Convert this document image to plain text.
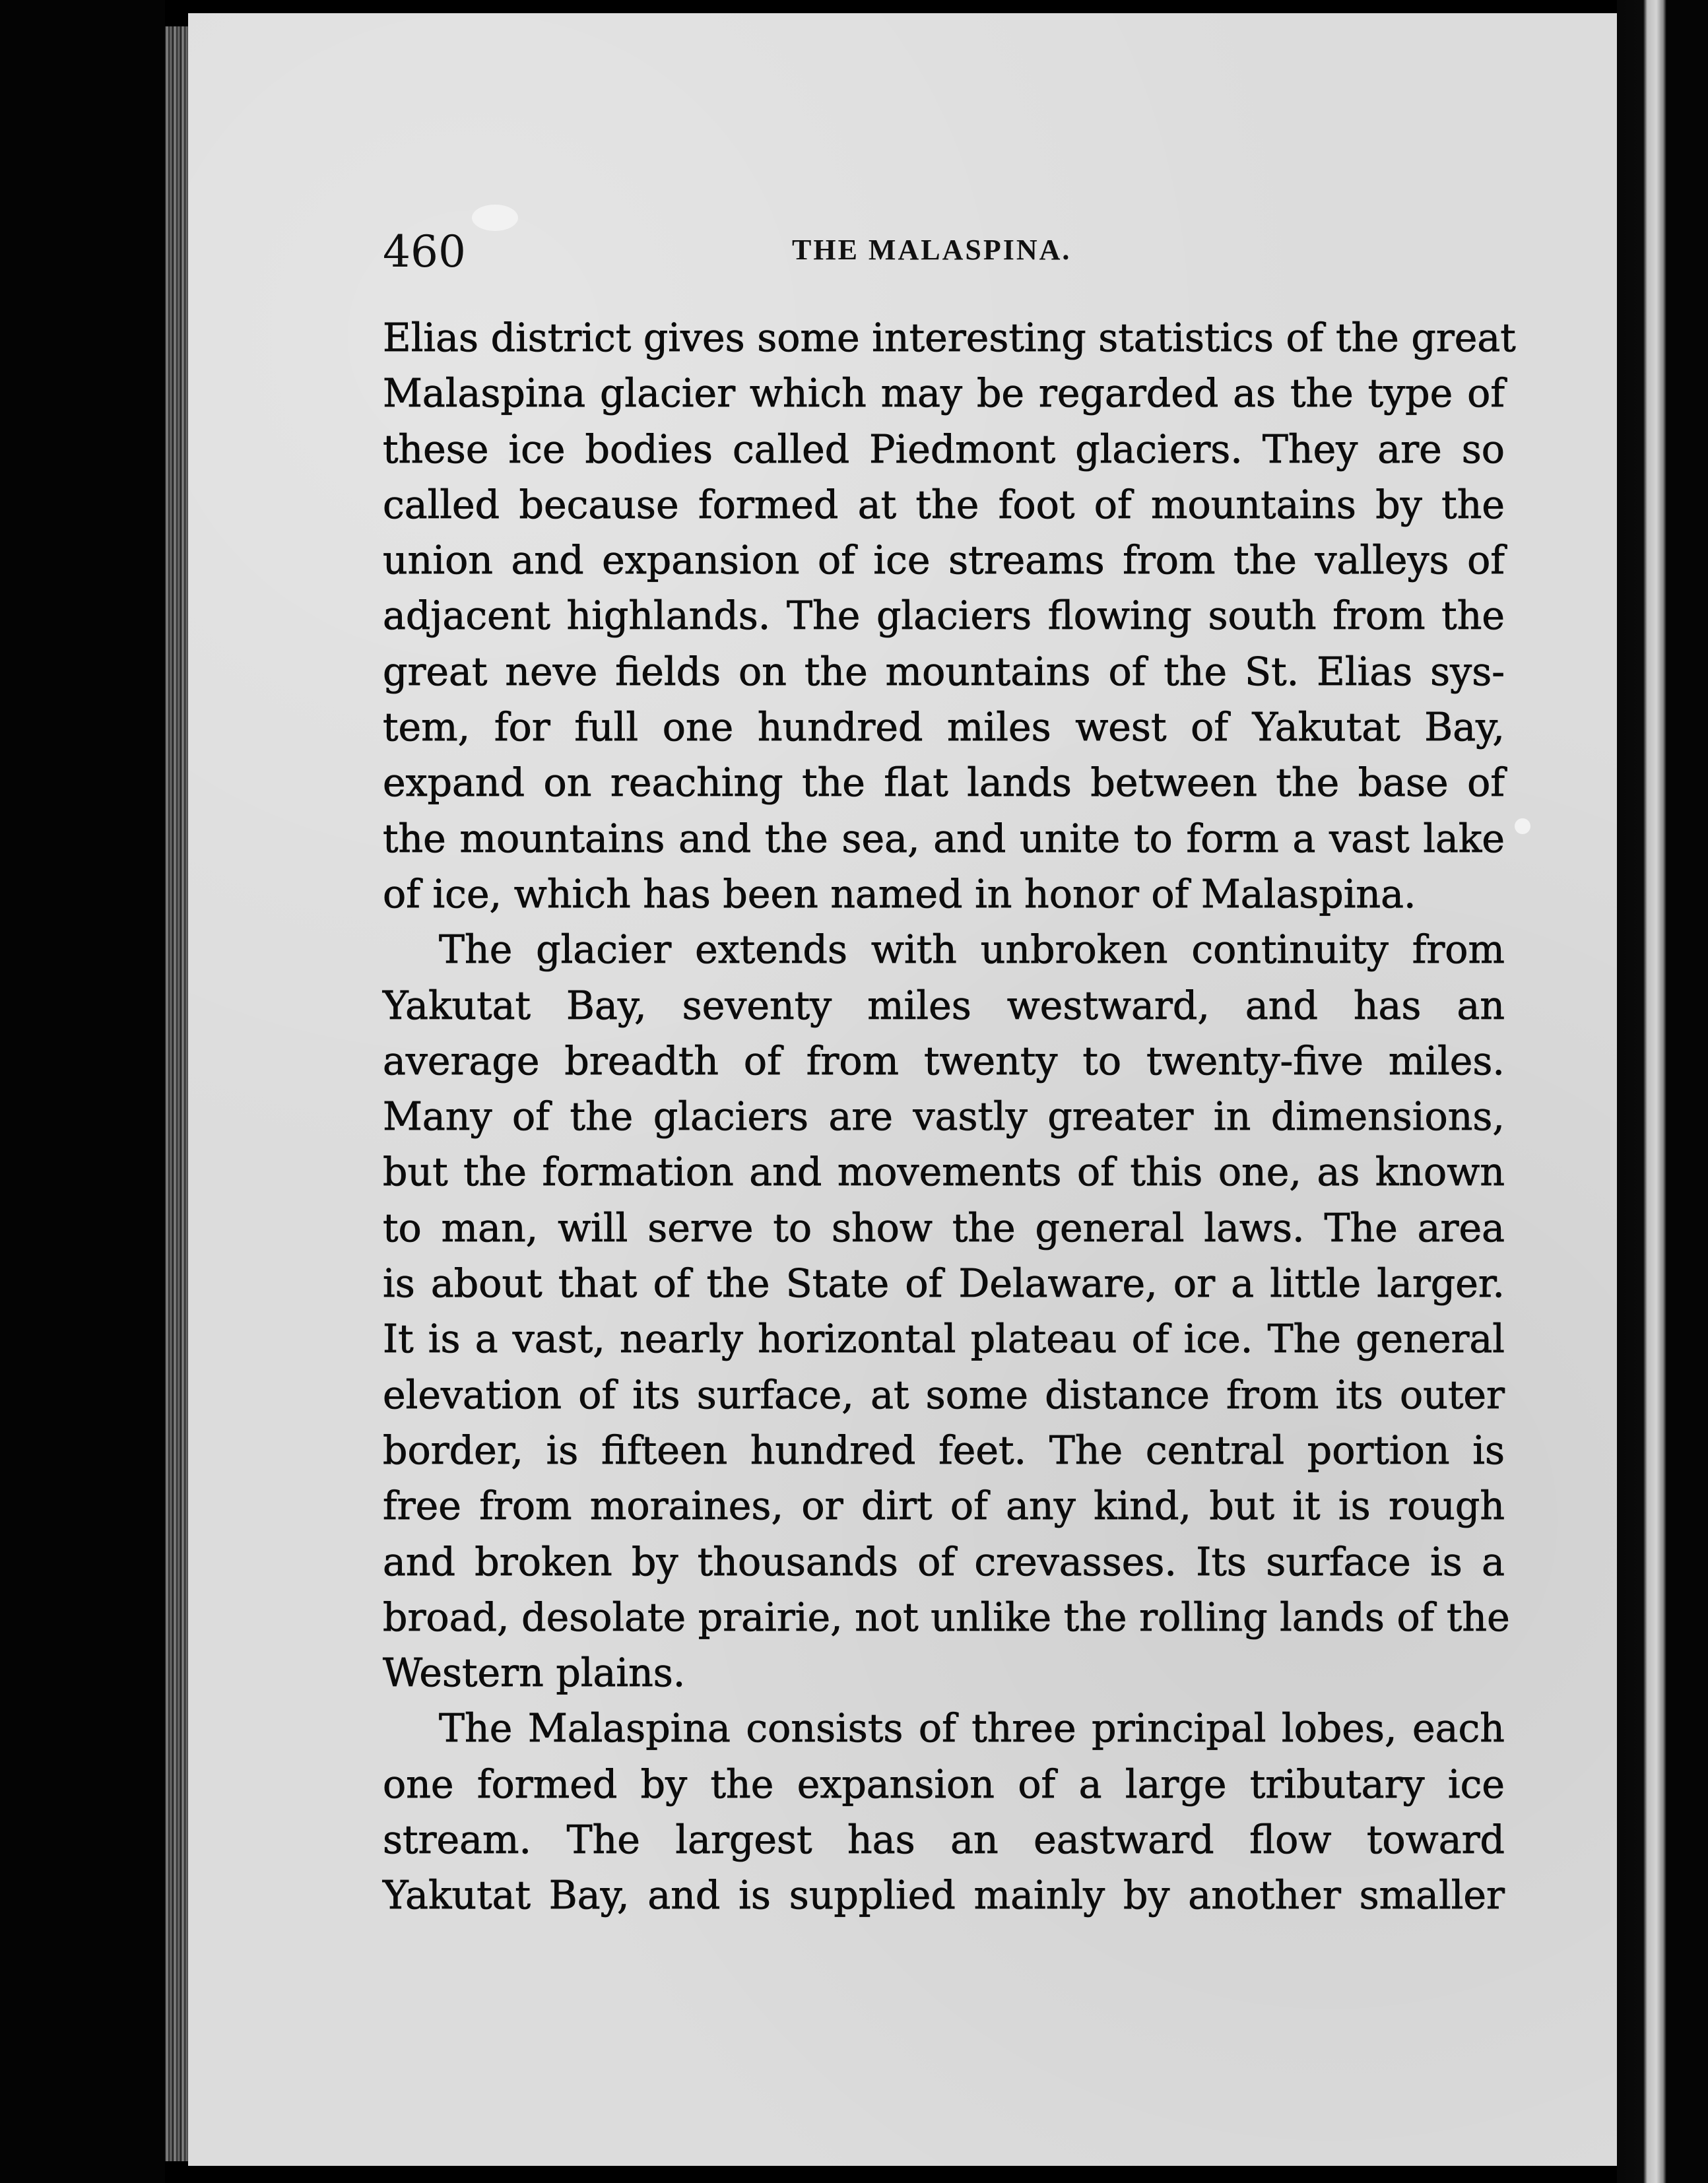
460	THE MALASPINA.
Elias district gives some interesting statistics of the great
Malaspina glacier which may be regarded as the type of
these ice bodies called Piedmont glaciers. They are so
called because formed at the foot of mountains by the
union and expansion of ice streams from the valleys of
adjacent highlands. The glaciers flowing south from the
great neve fields on the mountains of the St. Elias sys-
tem, for full one hundred miles west of Yakutat Bay,
expand on reaching the flat lands between the base of
the mountains and the sea, and unite to form a vast lake
of ice, which has been named in honor of Malaspina.
The glacier extends with unbroken continuity from
Yakutat Bay, seventy miles westward, and has an
average breadth of from twenty to twenty-five miles.
Many of the glaciers are vastly greater in dimensions,
but the formation and movements of this one, as known
to man, will serve to show the general laws. The area
is about that of the State of Delaware, or a little larger.
It is a vast, nearly horizontal plateau of ice. The general
elevation of its surface, at some distance from its outer
border, is fifteen hundred feet. The central portion is
free from moraines, or dirt of any kind, but it is rough
and broken by thousands of crevasses. Its surface is a
broad, desolate prairie, not unlike the rolling lands of the
Western plains.
The Malaspina consists of three principal lobes, each
one formed by the expansion of a large tributary ice
stream. The largest has an eastward flow toward
Yakutat Bay, and is supplied mainly by another smaller
